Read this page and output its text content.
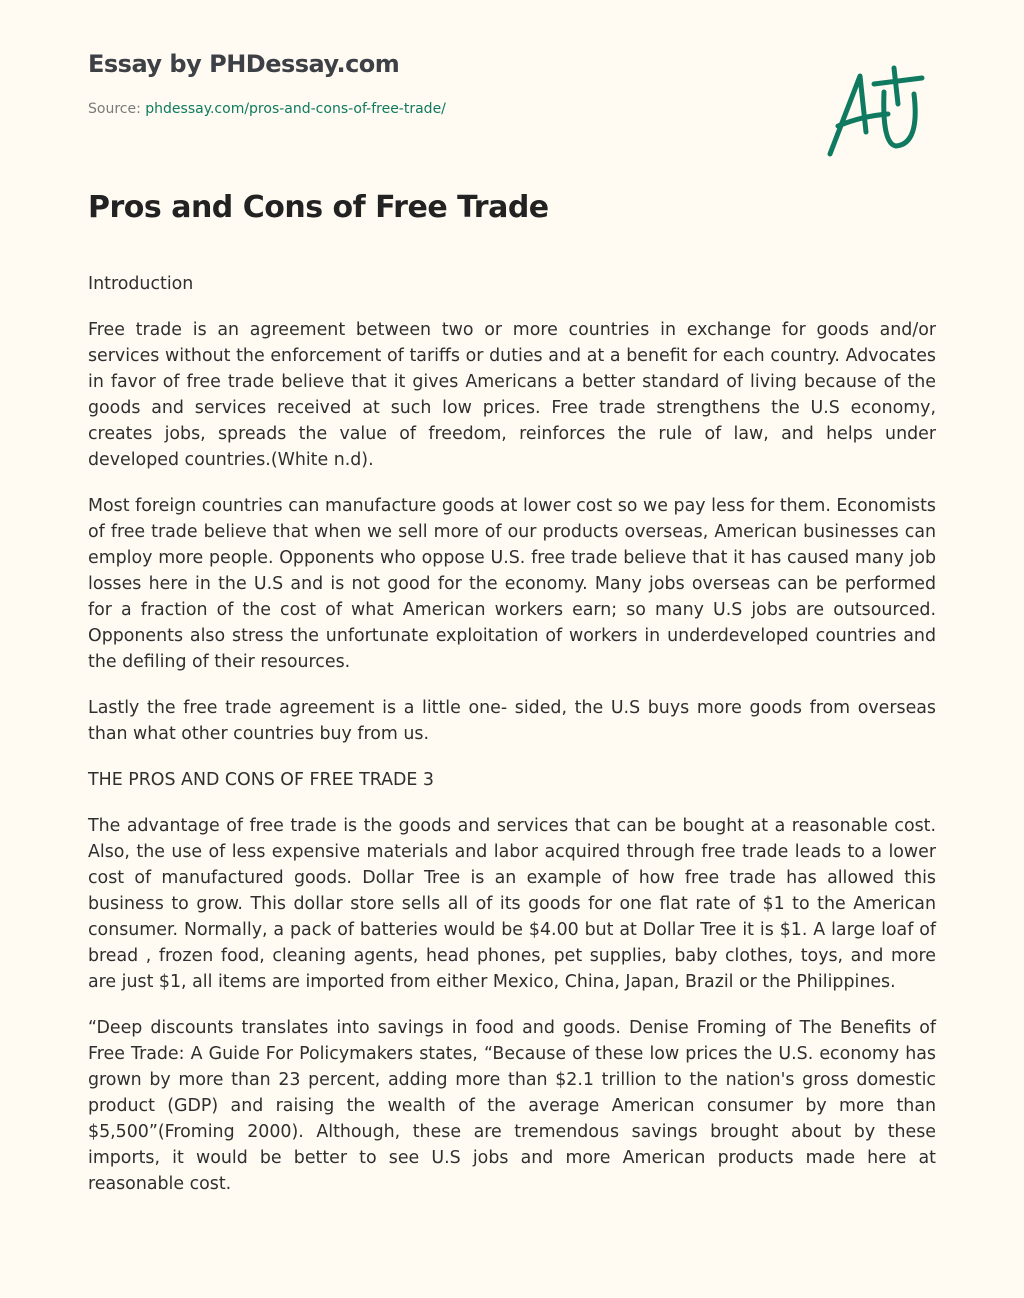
Essay by PHDessay.com
Source: phdessay.com/pros-and-cons-of-free-trade/
Pros and Cons of Free Trade

Introduction

Free trade is an agreement between two or more countries in exchange for goods and/or services without the enforcement of tariffs or duties and at a benefit for each country. Advocates in favor of free trade believe that it gives Americans a better standard of living because of the goods and services received at such low prices. Free trade strengthens the U.S economy, creates jobs, spreads the value of freedom, reinforces the rule of law, and helps under developed countries.(White n.d).

Most foreign countries can manufacture goods at lower cost so we pay less for them. Economists of free trade believe that when we sell more of our products overseas, American businesses can employ more people. Opponents who oppose U.S. free trade believe that it has caused many job losses here in the U.S and is not good for the economy. Many jobs overseas can be performed for a fraction of the cost of what American workers earn; so many U.S jobs are outsourced. Opponents also stress the unfortunate exploitation of workers in underdeveloped countries and the defiling of their resources.

Lastly the free trade agreement is a little one- sided, the U.S buys more goods from overseas than what other countries buy from us.

THE PROS AND CONS OF FREE TRADE 3

The advantage of free trade is the goods and services that can be bought at a reasonable cost. Also, the use of less expensive materials and labor acquired through free trade leads to a lower cost of manufactured goods. Dollar Tree is an example of how free trade has allowed this business to grow. This dollar store sells all of its goods for one flat rate of $1 to the American consumer. Normally, a pack of batteries would be $4.00 but at Dollar Tree it is $1. A large loaf of bread , frozen food, cleaning agents, head phones, pet supplies, baby clothes, toys, and more are just $1, all items are imported from either Mexico, China, Japan, Brazil or the Philippines.

“Deep discounts translates into savings in food and goods. Denise Froming of The Benefits of Free Trade: A Guide For Policymakers states, “Because of these low prices the U.S. economy has grown by more than 23 percent, adding more than $2.1 trillion to the nation's gross domestic product (GDP) and raising the wealth of the average American consumer by more than $5,500”(Froming 2000). Although, these are tremendous savings brought about by these imports, it would be better to see U.S jobs and more American products made here at reasonable cost.
